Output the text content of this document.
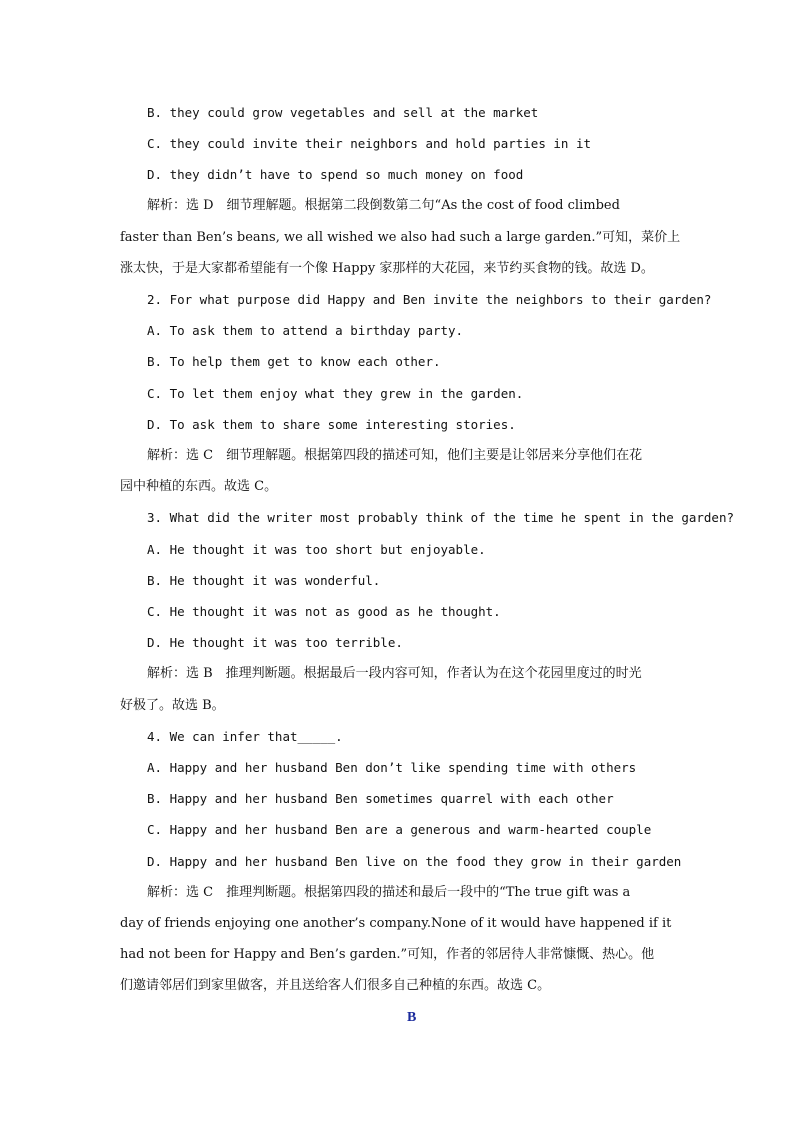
B. they could grow vegetables and sell at the market
C. they could invite their neighbors and hold parties in it
D. they didn’t have to spend so much money on food
解析：选 D　细节理解题。根据第二段倒数第二句“As the cost of food climbed
faster than Ben’s beans, we all wished we also had such a large garden.”可知，菜价上
涨太快，于是大家都希望能有一个像 Happy 家那样的大花园，来节约买食物的钱。故选 D。
2. For what purpose did Happy and Ben invite the neighbors to their garden?
A. To ask them to attend a birthday party.
B. To help them get to know each other.
C. To let them enjoy what they grew in the garden.
D. To ask them to share some interesting stories.
解析：选 C　细节理解题。根据第四段的描述可知，他们主要是让邻居来分享他们在花
园中种植的东西。故选 C。
3. What did the writer most probably think of the time he spent in the garden?
A. He thought it was too short but enjoyable.
B. He thought it was wonderful.
C. He thought it was not as good as he thought.
D. He thought it was too terrible.
解析：选 B　推理判断题。根据最后一段内容可知，作者认为在这个花园里度过的时光
好极了。故选 B。
4. We can infer that_____.
A. Happy and her husband Ben don’t like spending time with others
B. Happy and her husband Ben sometimes quarrel with each other
C. Happy and her husband Ben are a generous and warm-hearted couple
D. Happy and her husband Ben live on the food they grow in their garden
解析：选 C　推理判断题。根据第四段的描述和最后一段中的“The true gift was a
day of friends enjoying one another’s company.None of it would have happened if it
had not been for Happy and Ben’s garden.”可知，作者的邻居待人非常慷慨、热心。他
们邀请邻居们到家里做客，并且送给客人们很多自己种植的东西。故选 C。
B
